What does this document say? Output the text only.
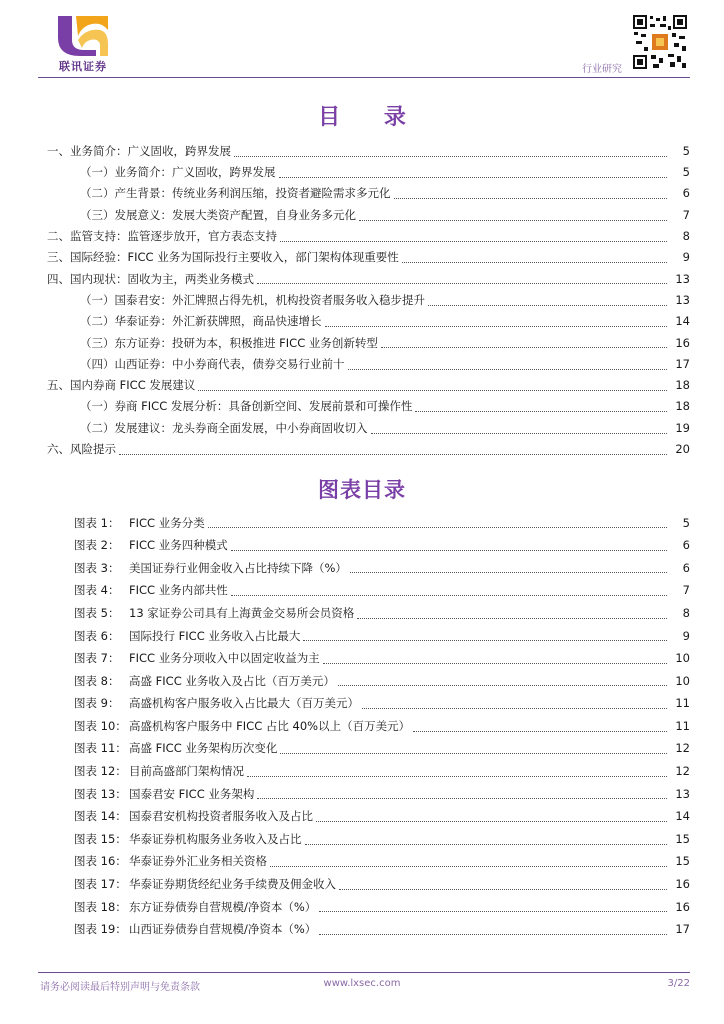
联讯证券	行业研究
目 录
一、业务简介：广义固收，跨界发展	5
（一）业务简介：广义固收，跨界发展	5
（二）产生背景：传统业务利润压缩，投资者避险需求多元化	6
（三）发展意义：发展大类资产配置，自身业务多元化	7
二、监管支持：监管逐步放开，官方表态支持	8
三、国际经验：FICC 业务为国际投行主要收入，部门架构体现重要性	9
四、国内现状：固收为主，两类业务模式	13
（一）国泰君安：外汇牌照占得先机，机构投资者服务收入稳步提升	13
（二）华泰证券：外汇新获牌照，商品快速增长	14
（三）东方证券：投研为本，积极推进 FICC 业务创新转型	16
（四）山西证券：中小券商代表，债券交易行业前十	17
五、国内券商 FICC 发展建议	18
（一）券商 FICC 发展分析：具备创新空间、发展前景和可操作性	18
（二）发展建议：龙头券商全面发展，中小券商固收切入	19
六、风险提示	20
图表目录
图表 1： FICC 业务分类	5
图表 2： FICC 业务四种模式	6
图表 3： 美国证券行业佣金收入占比持续下降（%）	6
图表 4： FICC 业务内部共性	7
图表 5： 13 家证券公司具有上海黄金交易所会员资格	8
图表 6： 国际投行 FICC 业务收入占比最大	9
图表 7： FICC 业务分项收入中以固定收益为主	10
图表 8： 高盛 FICC 业务收入及占比（百万美元）	10
图表 9： 高盛机构客户服务收入占比最大（百万美元）	11
图表 10： 高盛机构客户服务中 FICC 占比 40%以上（百万美元）	11
图表 11： 高盛 FICC 业务架构历次变化	12
图表 12： 目前高盛部门架构情况	12
图表 13： 国泰君安 FICC 业务架构	13
图表 14： 国泰君安机构投资者服务收入及占比	14
图表 15： 华泰证券机构服务业务收入及占比	15
图表 16： 华泰证券外汇业务相关资格	15
图表 17： 华泰证券期货经纪业务手续费及佣金收入	16
图表 18： 东方证券债券自营规模/净资本（%）	16
图表 19： 山西证券债券自营规模/净资本（%）	17
请务必阅读最后特别声明与免责条款	www.lxsec.com	3/22
